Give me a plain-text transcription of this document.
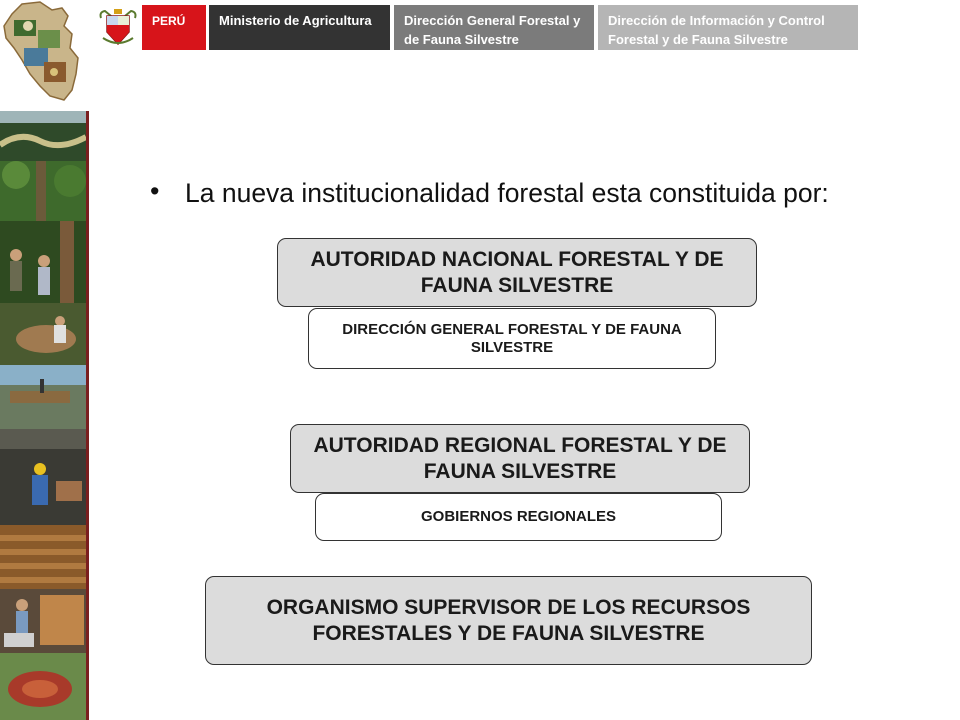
PERÚ	Ministerio de Agricultura	Dirección General Forestal y de Fauna Silvestre
Dirección de Información y Control Forestal y de Fauna Silvestre
• La nueva institucionalidad forestal esta constituida por:
AUTORIDAD NACIONAL FORESTAL Y DE FAUNA SILVESTRE
DIRECCIÓN GENERAL FORESTAL Y DE FAUNA SILVESTRE
AUTORIDAD REGIONAL FORESTAL Y DE FAUNA SILVESTRE
GOBIERNOS REGIONALES
ORGANISMO SUPERVISOR DE LOS RECURSOS FORESTALES Y DE FAUNA SILVESTRE
